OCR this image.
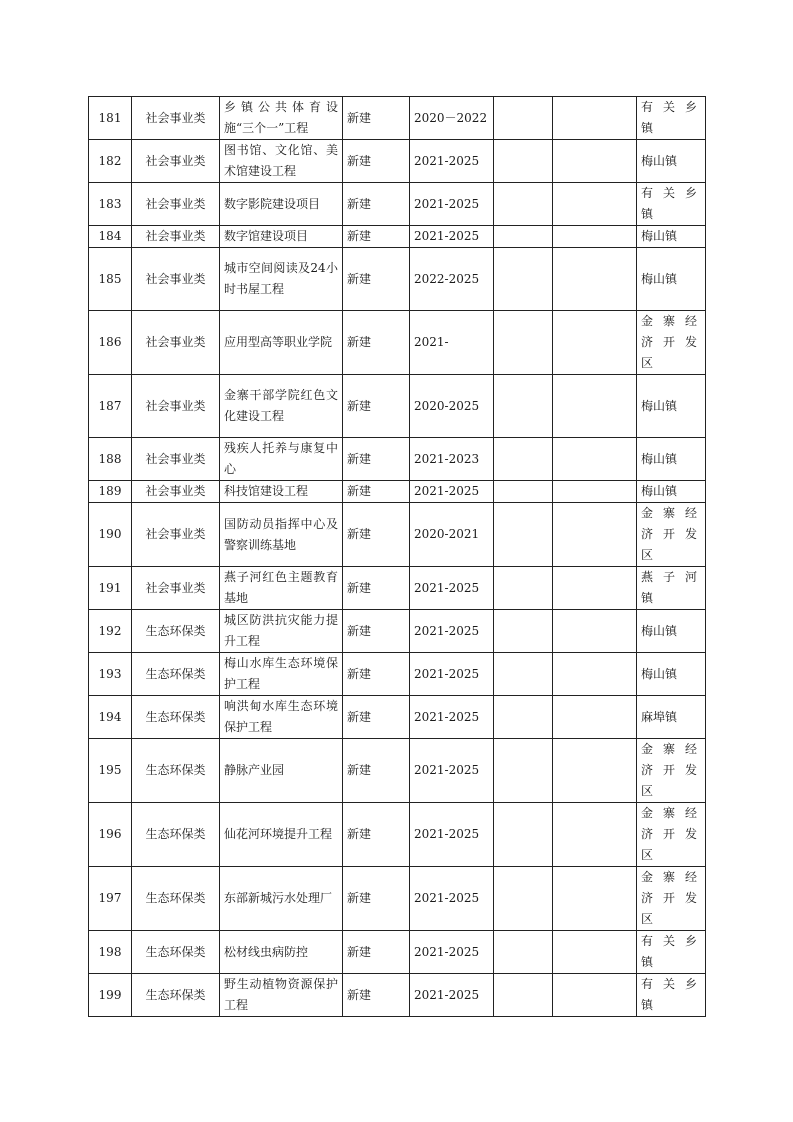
181	社会事业类	乡镇公共体育设施“三个一”工程	新建	2020－2022			有关乡镇
182	社会事业类	图书馆、文化馆、美术馆建设工程	新建	2021-2025			梅山镇
183	社会事业类	数字影院建设项目	新建	2021-2025			有关乡镇
184	社会事业类	数字馆建设项目	新建	2021-2025			梅山镇
185	社会事业类	城市空间阅读及24小时书屋工程	新建	2022-2025			梅山镇
186	社会事业类	应用型高等职业学院	新建	2021-			金寨经济开发区
187	社会事业类	金寨干部学院红色文化建设工程	新建	2020-2025			梅山镇
188	社会事业类	残疾人托养与康复中心	新建	2021-2023			梅山镇
189	社会事业类	科技馆建设工程	新建	2021-2025			梅山镇
190	社会事业类	国防动员指挥中心及警察训练基地	新建	2020-2021			金寨经济开发区
191	社会事业类	燕子河红色主题教育基地	新建	2021-2025			燕子河镇
192	生态环保类	城区防洪抗灾能力提升工程	新建	2021-2025			梅山镇
193	生态环保类	梅山水库生态环境保护工程	新建	2021-2025			梅山镇
194	生态环保类	响洪甸水库生态环境保护工程	新建	2021-2025			麻埠镇
195	生态环保类	静脉产业园	新建	2021-2025			金寨经济开发区
196	生态环保类	仙花河环境提升工程	新建	2021-2025			金寨经济开发区
197	生态环保类	东部新城污水处理厂	新建	2021-2025			金寨经济开发区
198	生态环保类	松材线虫病防控	新建	2021-2025			有关乡镇
199	生态环保类	野生动植物资源保护工程	新建	2021-2025			有关乡镇
